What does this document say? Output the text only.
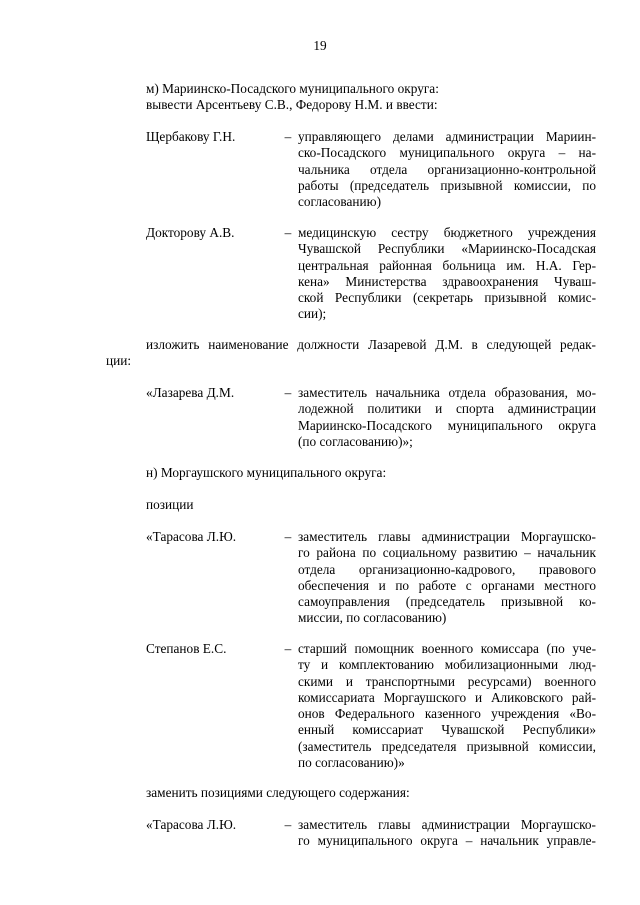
19
м) Мариинско-Посадского муниципального округа:
вывести Арсентьеву С.В., Федорову Н.М. и ввести:
Щербакову Г.Н.	– управляющего делами администрации Мариин-
ско-Посадского муниципального округа – на-
чальника отдела организационно-контрольной
работы (председатель призывной комиссии, по
согласованию)
Докторову А.В.	– медицинскую сестру бюджетного учреждения
Чувашской Республики «Мариинско-Посадская
центральная районная больница им. Н.А. Гер-
кена» Министерства здравоохранения Чуваш-
ской Республики (секретарь призывной комис-
сии);
изложить наименование должности Лазаревой Д.М. в следующей редак-
ции:
«Лазарева Д.М.	– заместитель начальника отдела образования, мо-
лодежной политики и спорта администрации
Мариинско-Посадского муниципального округа
(по согласованию)»;
н) Моргаушского муниципального округа:
позиции
«Тарасова Л.Ю.	– заместитель главы администрации Моргаушско-
го района по социальному развитию – начальник
отдела организационно-кадрового, правового
обеспечения и по работе с органами местного
самоуправления (председатель призывной ко-
миссии, по согласованию)
Степанов Е.С.	– старший помощник военного комиссара (по уче-
ту и комплектованию мобилизационными люд-
скими и транспортными ресурсами) военного
комиссариата Моргаушского и Аликовского рай-
онов Федерального казенного учреждения «Во-
енный комиссариат Чувашской Республики»
(заместитель председателя призывной комиссии,
по согласованию)»
заменить позициями следующего содержания:
«Тарасова Л.Ю.	– заместитель главы администрации Моргаушско-
го муниципального округа – начальник управле-
